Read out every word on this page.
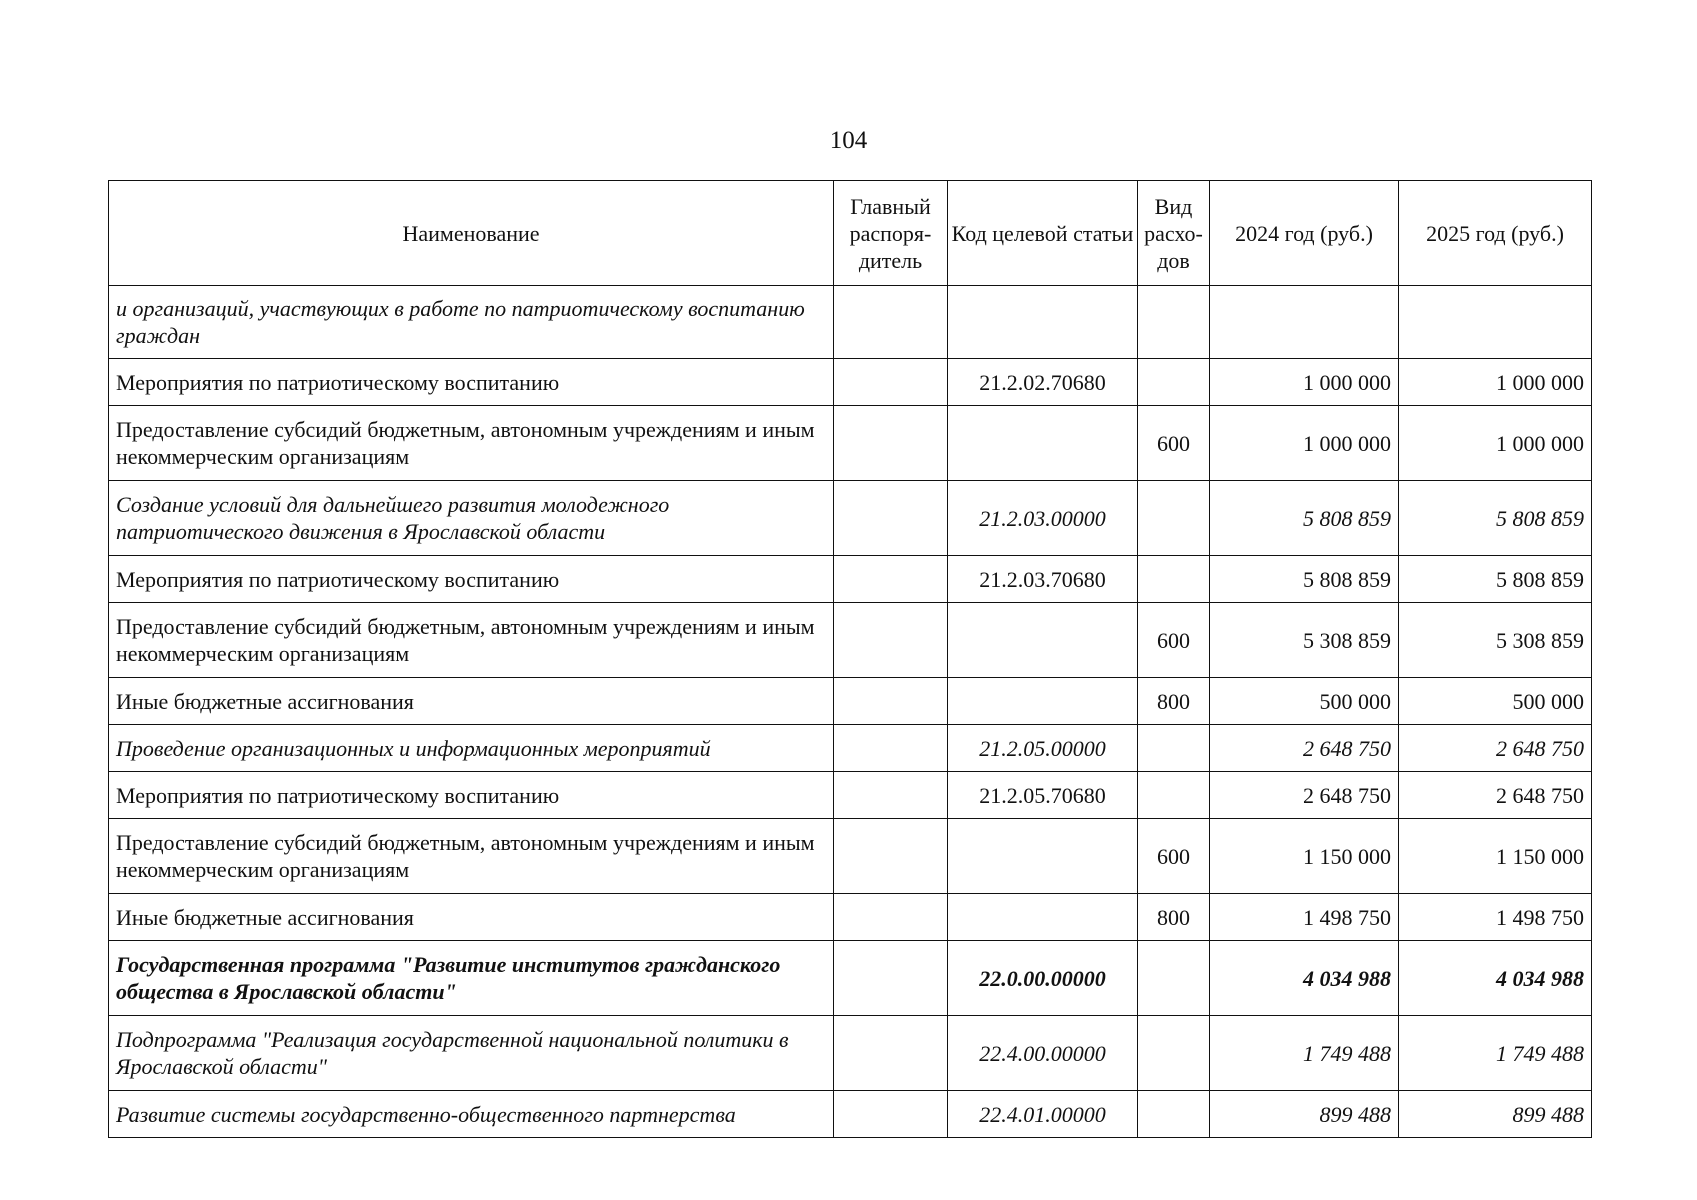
104
Наименование	Главный распоря-дитель	Код целевой статьи	Вид расхо-дов	2024 год (руб.)	2025 год (руб.)
и организаций, участвующих в работе по патриотическому воспитанию граждан					
Мероприятия по патриотическому воспитанию		21.2.02.70680		1 000 000	1 000 000
Предоставление субсидий бюджетным, автономным учреждениям и иным некоммерческим организациям			600	1 000 000	1 000 000
Создание условий для дальнейшего развития молодежного патриотического движения в Ярославской области		21.2.03.00000		5 808 859	5 808 859
Мероприятия по патриотическому воспитанию		21.2.03.70680		5 808 859	5 808 859
Предоставление субсидий бюджетным, автономным учреждениям и иным некоммерческим организациям			600	5 308 859	5 308 859
Иные бюджетные ассигнования			800	500 000	500 000
Проведение организационных и информационных мероприятий		21.2.05.00000		2 648 750	2 648 750
Мероприятия по патриотическому воспитанию		21.2.05.70680		2 648 750	2 648 750
Предоставление субсидий бюджетным, автономным учреждениям и иным некоммерческим организациям			600	1 150 000	1 150 000
Иные бюджетные ассигнования			800	1 498 750	1 498 750
Государственная программа "Развитие институтов гражданского общества в Ярославской области"		22.0.00.00000		4 034 988	4 034 988
Подпрограмма "Реализация государственной национальной политики в Ярославской области"		22.4.00.00000		1 749 488	1 749 488
Развитие системы государственно-общественного партнерства		22.4.01.00000		899 488	899 488
